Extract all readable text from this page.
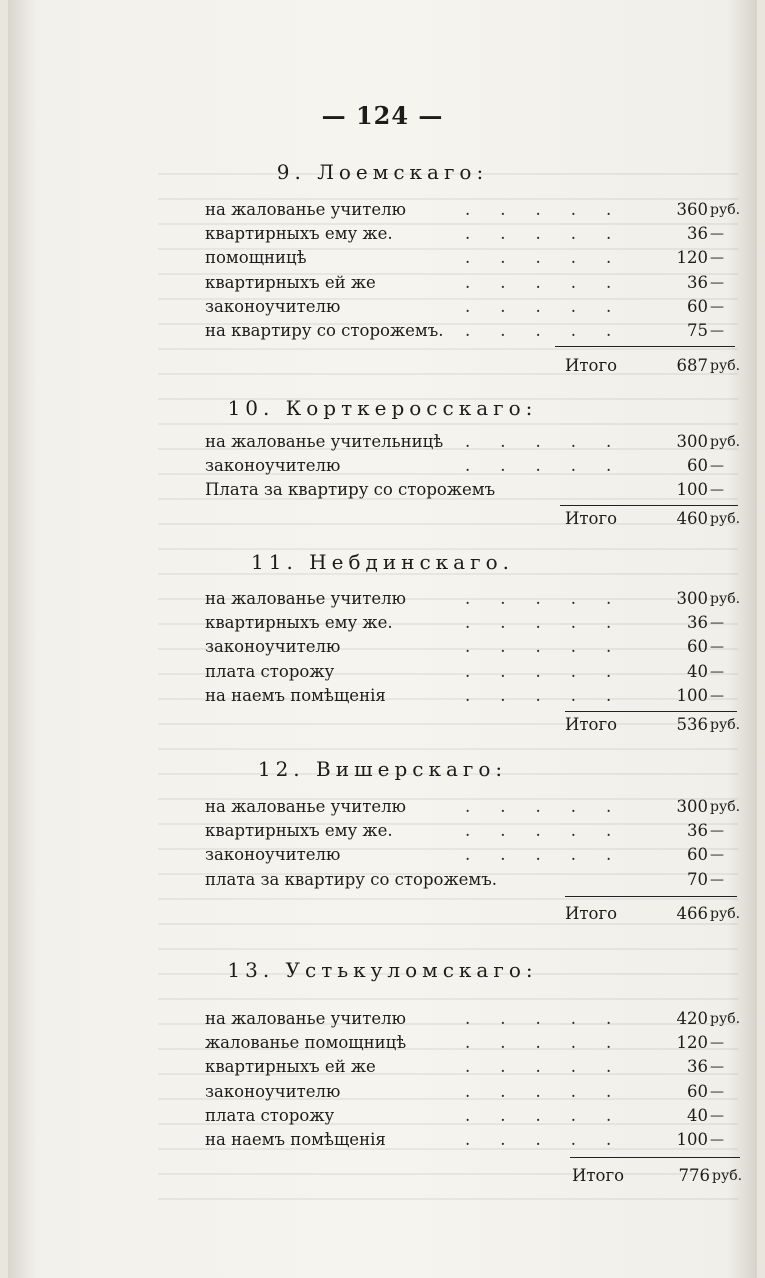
— 124 —
9. Лоемскаго:
на жалованье учителю	.....	360 руб.
квартирныхъ ему же.	.....	36 —
помощницѣ	.....	120 —
квартирныхъ ей же	.....	36 —
законоучителю	.....	60 —
на квартиру со сторожемъ. .....	75 —
Итого	687 руб.
10. Корткеросскаго:
на жалованье учительницѣ .....	300 руб.
законоучителю	.....	60 —
Плата за квартиру со сторожемъ	100 —
Итого	460 руб.
11. Небдинскаго.
на жалованье учителю	.....	300 руб.
квартирныхъ ему же.	.....	36 —
законоучителю	.....	60 —
плата сторожу	.....	40 —
на наемъ помѣщенія	.....	100 —
Итого	536 руб.
12. Вишерскаго:
на жалованье учителю	.....	300 руб.
квартирныхъ ему же.	.....	36 —
законоучителю	.....	60 —
плата за квартиру со сторожемъ.	70 —
Итого	466 руб.
13. Устькуломскаго:
на жалованье учителю	.....	420 руб.
жалованье помощницѣ	.....	120 —
квартирныхъ ей же	.....	36 —
законоучителю	.....	60 —
плата сторожу	.....	40 —
на наемъ помѣщенія	.....	100 —
Итого	776 руб.
